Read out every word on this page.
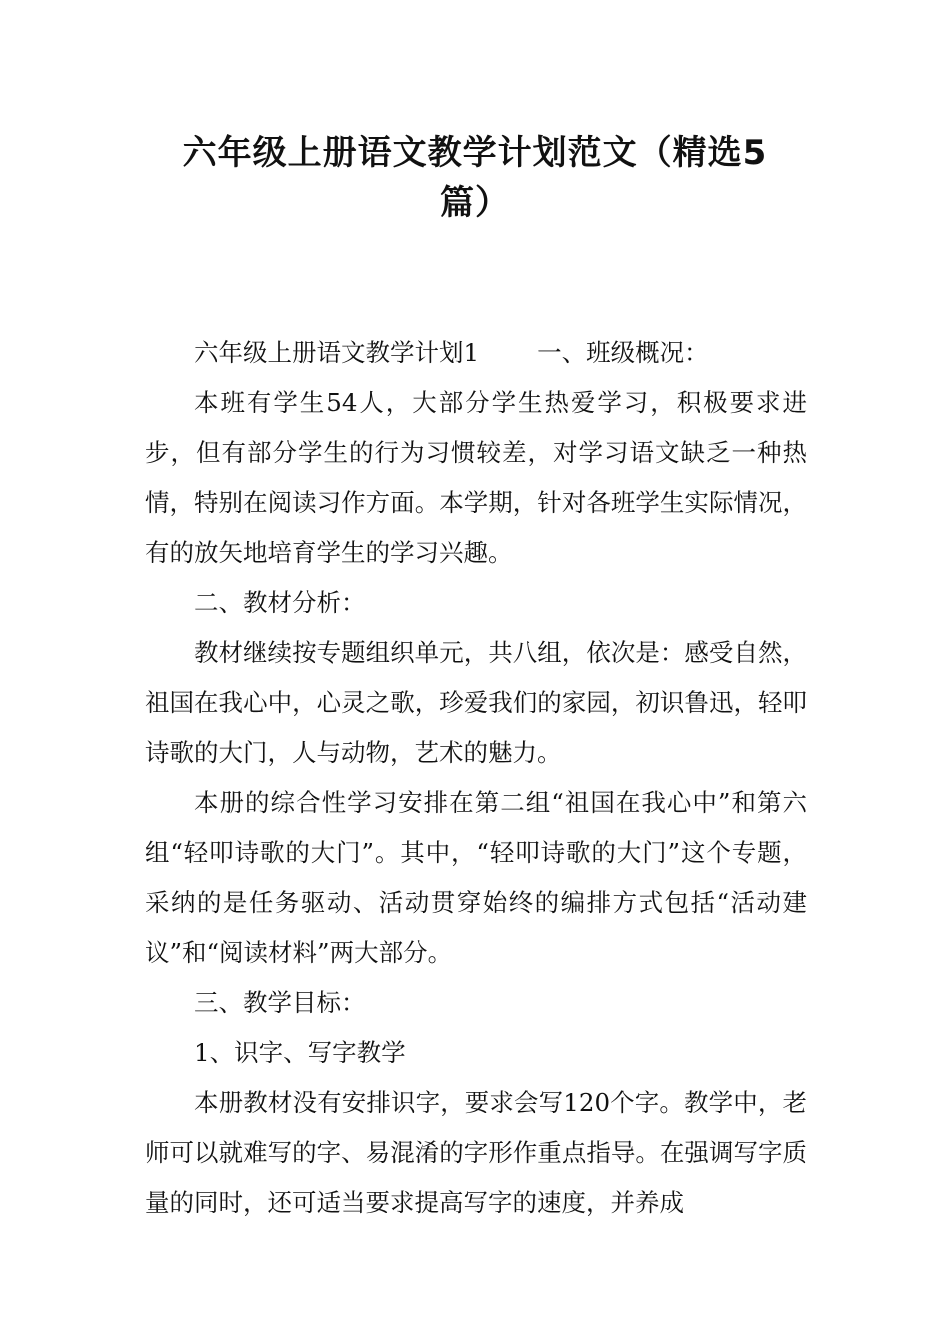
六年级上册语文教学计划范文（精选5
篇）

六年级上册语文教学计划1 一、班级概况：

本班有学生54人，大部分学生热爱学习，积极要求进步，但有部分学生的行为习惯较差，对学习语文缺乏一种热情，特别在阅读习作方面。本学期，针对各班学生实际情况，有的放矢地培育学生的学习兴趣。

二、教材分析：

教材继续按专题组织单元，共八组，依次是：感受自然，祖国在我心中，心灵之歌，珍爱我们的家园，初识鲁迅，轻叩诗歌的大门，人与动物，艺术的魅力。

本册的综合性学习安排在第二组“祖国在我心中”和第六组“轻叩诗歌的大门”。其中，“轻叩诗歌的大门”这个专题，采纳的是任务驱动、活动贯穿始终的编排方式包括“活动建议”和“阅读材料”两大部分。

三、教学目标：

1、识字、写字教学

本册教材没有安排识字，要求会写120个字。教学中，老师可以就难写的字、易混淆的字形作重点指导。在强调写字质量的同时，还可适当要求提高写字的速度，并养成
